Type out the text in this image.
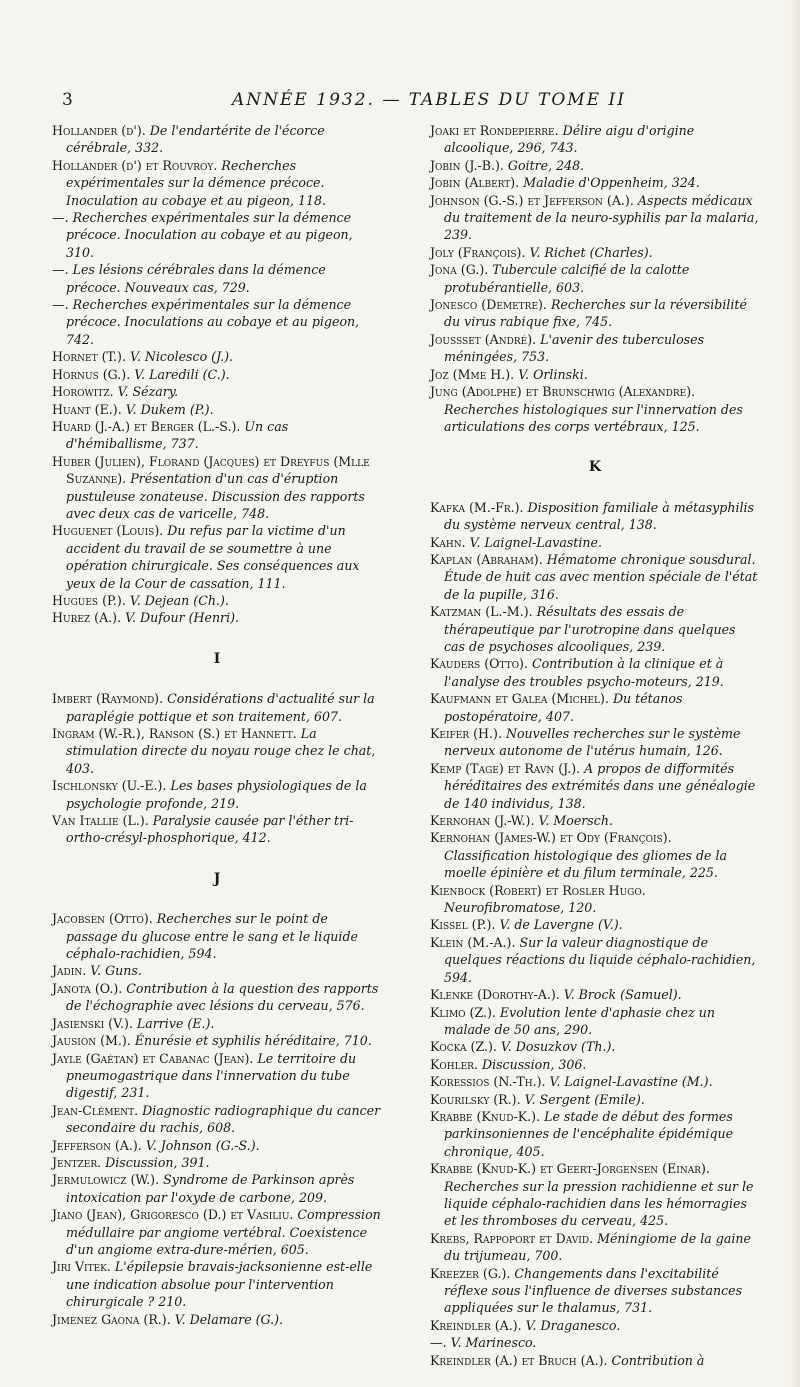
3	ANNÉE 1932. — TABLES DU TOME II

Hollander (d'). De l'endartérite de l'écorce cérébrale, 332.

Hollander (d') et Rouvroy. Recherches expérimentales sur la démence précoce. Inoculation au cobaye et au pigeon, 118.

—. Recherches expérimentales sur la démence précoce. Inoculation au cobaye et au pigeon, 310.

—. Les lésions cérébrales dans la démence précoce. Nouveaux cas, 729.

—. Recherches expérimentales sur la démence précoce. Inoculations au cobaye et au pigeon, 742.

Hornet (T.). V. Nicolesco (J.).

Hornus (G.). V. Laredili (C.).

Horowitz. V. Sézary.

Huant (E.). V. Dukem (P.).

Huard (J.-A.) et Berger (L.-S.). Un cas d'hémiballisme, 737.

Huber (Julien), Florand (Jacques) et Dreyfus (Mlle Suzanne). Présentation d'un cas d'éruption pustuleuse zonateuse. Discussion des rapports avec deux cas de varicelle, 748.

Huguenet (Louis). Du refus par la victime d'un accident du travail de se soumettre à une opération chirurgicale. Ses conséquences aux yeux de la Cour de cassation, 111.

Hugues (P.). V. Dejean (Ch.).

Hurez (A.). V. Dufour (Henri).

I

Imbert (Raymond). Considérations d'actualité sur la paraplégie pottique et son traitement, 607.

Ingram (W.-R.), Ranson (S.) et Hannett. La stimulation directe du noyau rouge chez le chat, 403.

Ischlonsky (U.-E.). Les bases physiologiques de la psychologie profonde, 219.

Van Itallie (L.). Paralysie causée par l'éther tri-ortho-crésyl-phosphorique, 412.

J

Jacobsen (Otto). Recherches sur le point de passage du glucose entre le sang et le liquide céphalo-rachidien, 594.

Jadin. V. Guns.

Janota (O.). Contribution à la question des rapports de l'échographie avec lésions du cerveau, 576.

Jasienski (V.). Larrive (E.).

Jausion (M.). Énurésie et syphilis héréditaire, 710.

Jayle (Gaétan) et Cabanac (Jean). Le territoire du pneumogastrique dans l'innervation du tube digestif, 231.

Jean-Clément. Diagnostic radiographique du cancer secondaire du rachis, 608.

Jefferson (A.). V. Johnson (G.-S.).

Jentzer. Discussion, 391.

Jermulowicz (W.). Syndrome de Parkinson après intoxication par l'oxyde de carbone, 209.

Jiano (Jean), Grigoresco (D.) et Vasiliu. Compression médullaire par angiome vertébral. Coexistence d'un angiome extra-dure-mérien, 605.

Jiri Vitek. L'épilepsie bravais-jacksonienne est-elle une indication absolue pour l'intervention chirurgicale ? 210.

Jimenez Gaona (R.). V. Delamare (G.).

Joaki et Rondepierre. Délire aigu d'origine alcoolique, 296, 743.

Jobin (J.-B.). Goitre, 248.

Jobin (Albert). Maladie d'Oppenheim, 324.

Johnson (G.-S.) et Jefferson (A.). Aspects médicaux du traitement de la neuro-syphilis par la malaria, 239.

Joly (François). V. Richet (Charles).

Jona (G.). Tubercule calcifié de la calotte protubérantielle, 603.

Jonesco (Demetre). Recherches sur la réversibilité du virus rabique fixe, 745.

Joussset (André). L'avenir des tuberculoses méningées, 753.

Joz (Mme H.). V. Orlinski.

Jung (Adolphe) et Brunschwig (Alexandre). Recherches histologiques sur l'innervation des articulations des corps vertébraux, 125.

K

Kafka (M.-Fr.). Disposition familiale à métasyphilis du système nerveux central, 138.

Kahn. V. Laignel-Lavastine.

Kaplan (Abraham). Hématome chronique sousdural. Étude de huit cas avec mention spéciale de l'état de la pupille, 316.

Katzman (L.-M.). Résultats des essais de thérapeutique par l'urotropine dans quelques cas de psychoses alcooliques, 239.

Kauders (Otto). Contribution à la clinique et à l'analyse des troubles psycho-moteurs, 219.

Kaufmann et Galea (Michel). Du tétanos postopératoire, 407.

Keifer (H.). Nouvelles recherches sur le système nerveux autonome de l'utérus humain, 126.

Kemp (Tage) et Ravn (J.). A propos de difformités héréditaires des extrémités dans une généalogie de 140 individus, 138.

Kernohan (J.-W.). V. Moersch.

Kernohan (James-W.) et Ody (François). Classification histologique des gliomes de la moelle épinière et du filum terminale, 225.

Kienbock (Robert) et Rosler Hugo. Neurofibromatose, 120.

Kissel (P.). V. de Lavergne (V.).

Klein (M.-A.). Sur la valeur diagnostique de quelques réactions du liquide céphalo-rachidien, 594.

Klenke (Dorothy-A.). V. Brock (Samuel).

Klimo (Z.). Evolution lente d'aphasie chez un malade de 50 ans, 290.

Kocka (Z.). V. Dosuzkov (Th.).

Kohler. Discussion, 306.

Koressios (N.-Th.). V. Laignel-Lavastine (M.).

Kourilsky (R.). V. Sergent (Emile).

Krabbe (Knud-K.). Le stade de début des formes parkinsoniennes de l'encéphalite épidémique chronique, 405.

Krabbe (Knud-K.) et Geert-Jorgensen (Einar). Recherches sur la pression rachidienne et sur le liquide céphalo-rachidien dans les hémorragies et les thromboses du cerveau, 425.

Krebs, Rappoport et David. Méningiome de la gaine du trijumeau, 700.

Kreezer (G.). Changements dans l'excitabilité réflexe sous l'influence de diverses substances appliquées sur le thalamus, 731.

Kreindler (A.). V. Draganesco.

—. V. Marinesco.

Kreindler (A.) et Bruch (A.). Contribution à
